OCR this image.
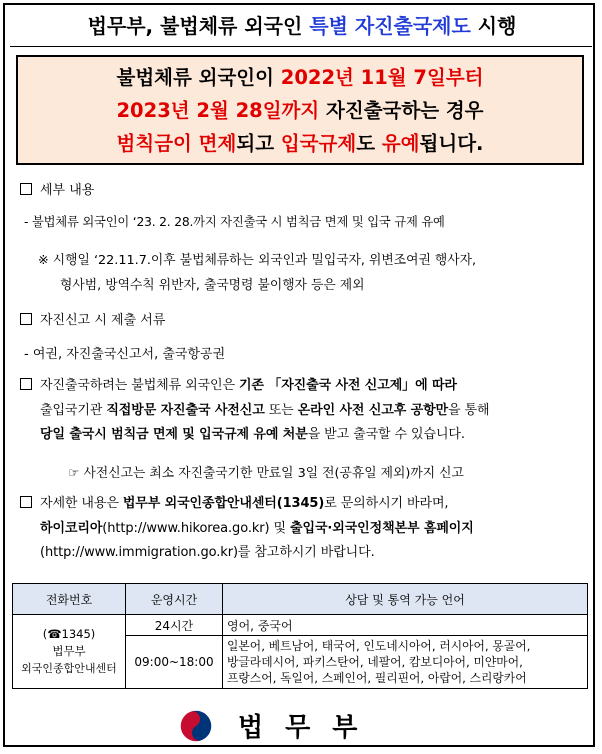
법무부, 불법체류 외국인 특별 자진출국제도 시행
불법체류 외국인이 2022년 11월 7일부터
2023년 2월 28일까지 자진출국하는 경우
범칙금이 면제되고 입국규제도 유예됩니다.
세부 내용
- 불법체류 외국인이 ‘23. 2. 28.까지 자진출국 시 범칙금 면제 및 입국 규제 유예
※ 시행일 ‘22.11.7.이후 불법체류하는 외국인과 밀입국자, 위변조여권 행사자,
형사범, 방역수칙 위반자, 출국명령 불이행자 등은 제외
자진신고 시 제출 서류
- 여권, 자진출국신고서, 출국항공권
자진출국하려는 불법체류 외국인은 기존 「자진출국 사전 신고제」에 따라
출입국기관 직접방문 자진출국 사전신고 또는 온라인 사전 신고후 공항만을 통해
당일 출국시 범칙금 면제 및 입국규제 유예 처분을 받고 출국할 수 있습니다.
☞ 사전신고는 최소 자진출국기한 만료일 3일 전(공휴일 제외)까지 신고
자세한 내용은 법무부 외국인종합안내센터(1345)로 문의하시기 바라며,
하이코리아(http://www.hikorea.go.kr) 및 출입국·외국인정책본부 홈페이지
(http://www.immigration.go.kr)를 참고하시기 바랍니다.
전화번호	운영시간	상담 및 통역 가능 언어

(☎1345)
법무부
외국인종합안내센터	24시간	영어, 중국어
	09:00~18:00	일본어, 베트남어, 태국어, 인도네시아어, 러시아어, 몽골어,
방글라데시어, 파키스탄어, 네팔어, 캄보디아어, 미얀마어,
프랑스어, 독일어, 스페인어, 필리핀어, 아랍어, 스리랑카어
법무부
